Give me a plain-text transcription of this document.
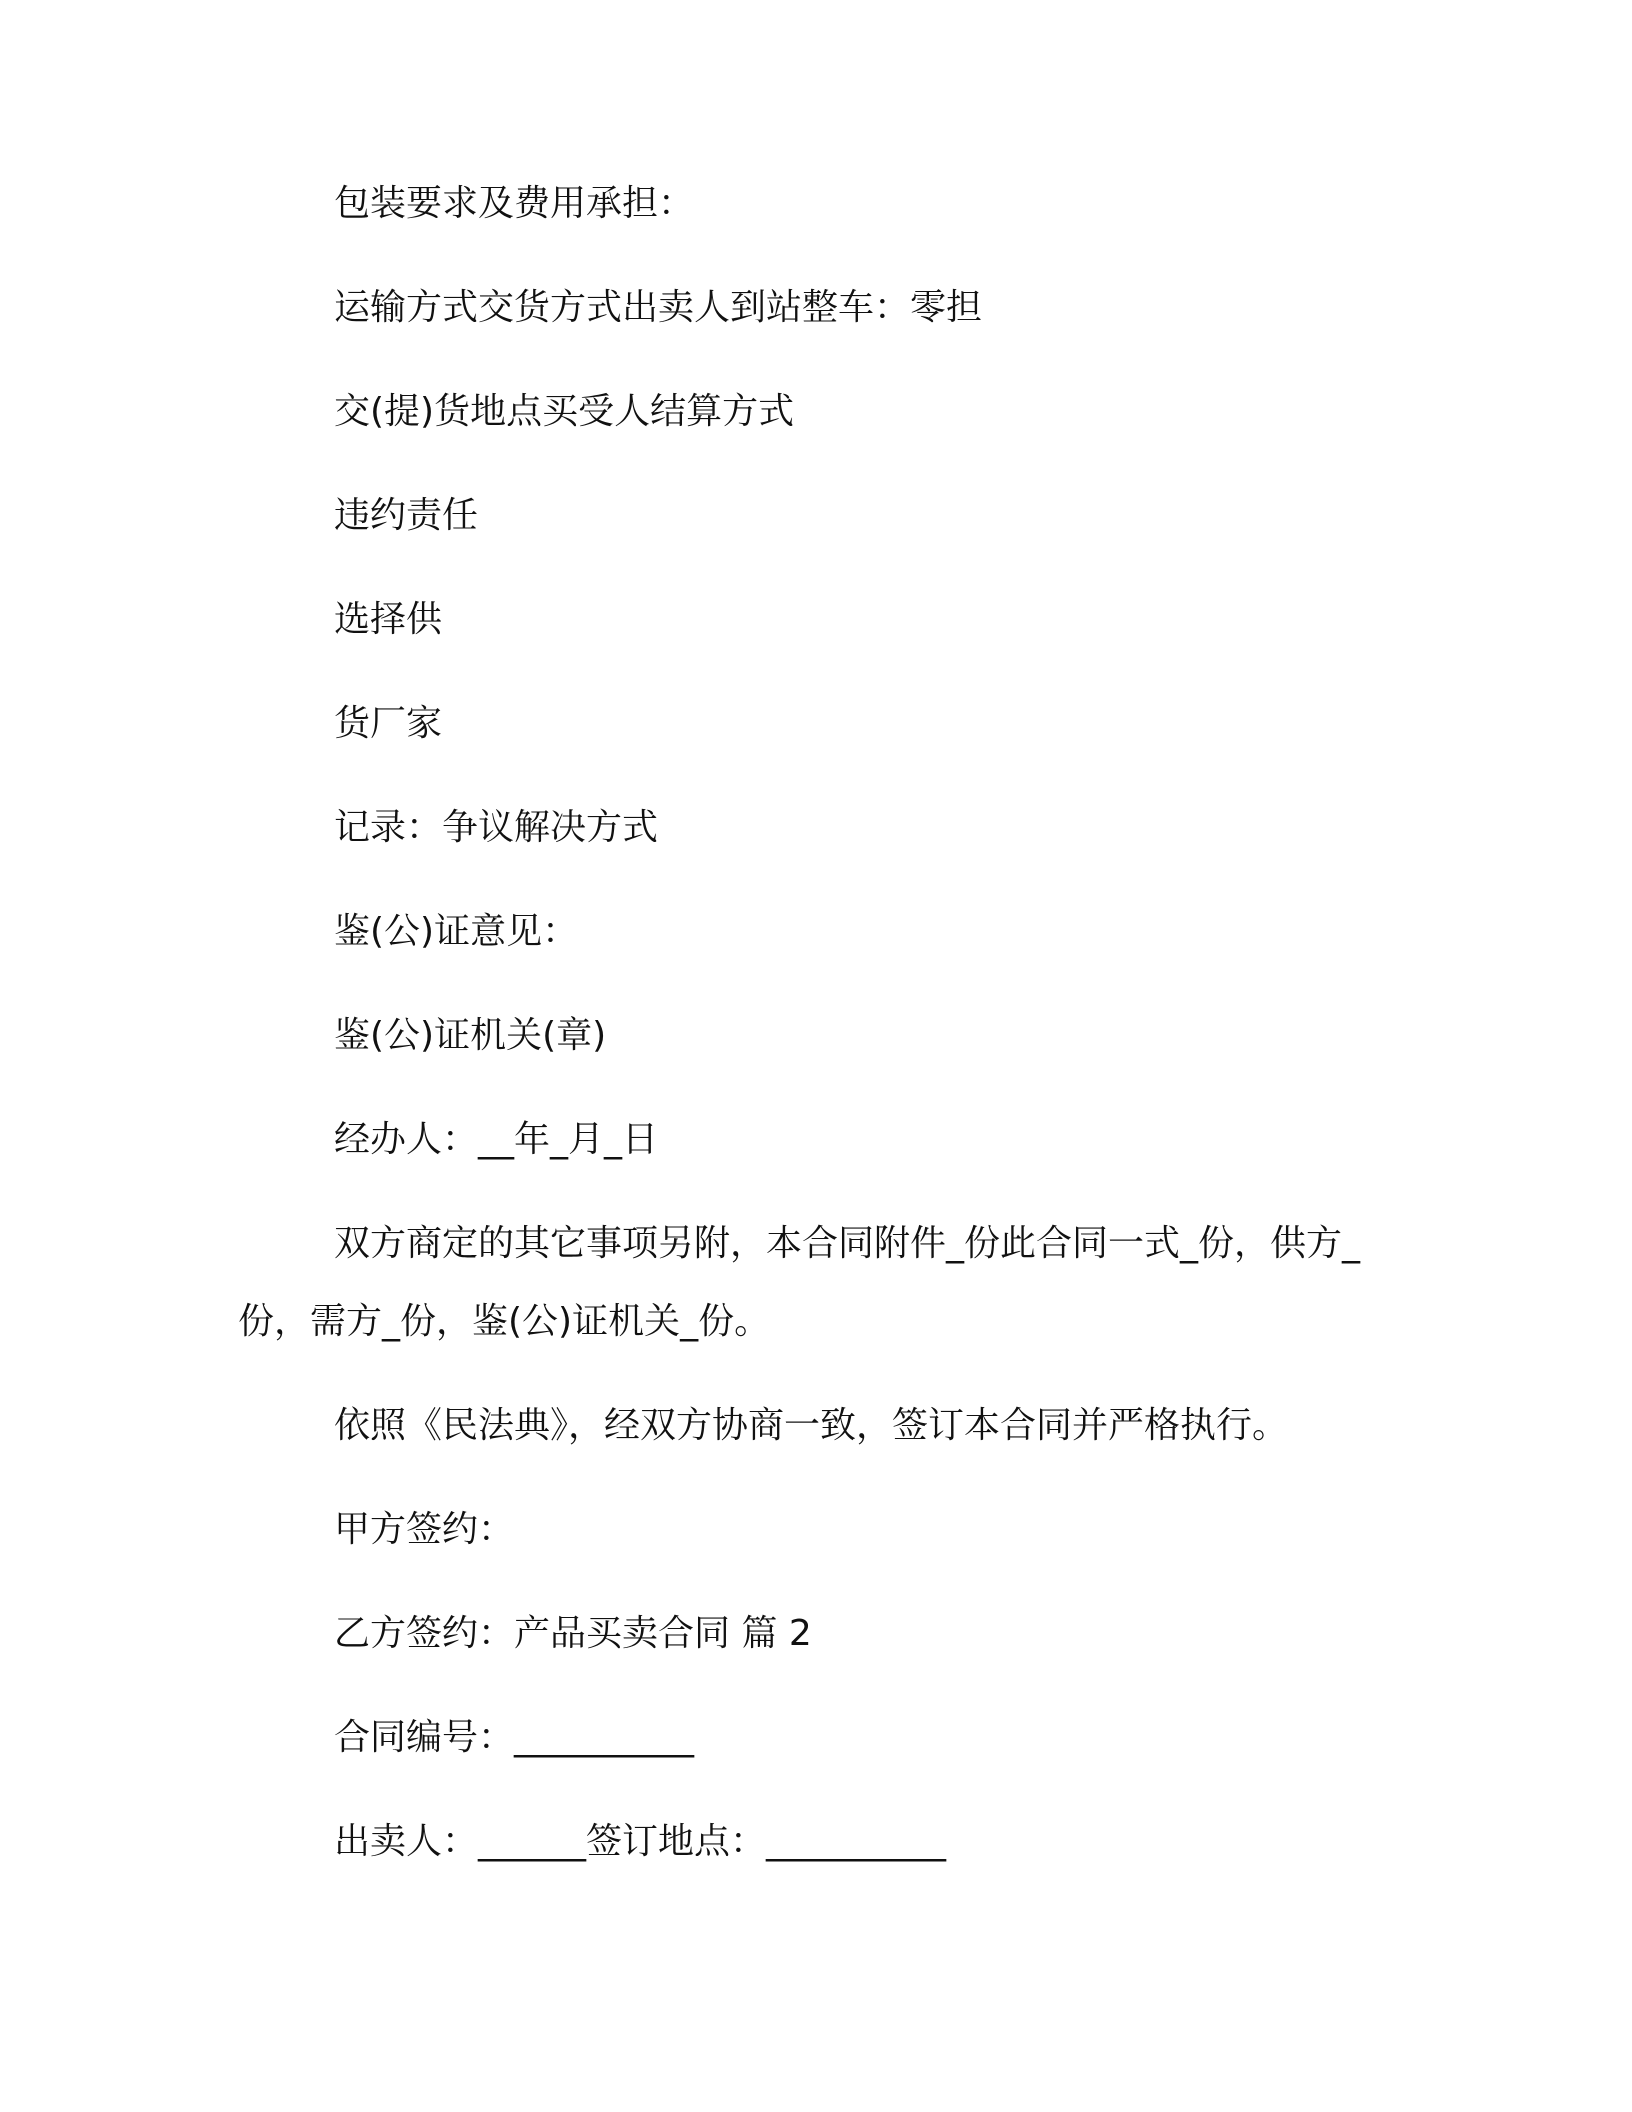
包装要求及费用承担：

运输方式交货方式出卖人到站整车：零担

交(提)货地点买受人结算方式

违约责任

选择供

货厂家

记录：争议解决方式

鉴(公)证意见：

鉴(公)证机关(章)

经办人：__年_月_日

双方商定的其它事项另附，本合同附件_份此合同一式_份，供方_份，需方_份，鉴(公)证机关_份。

依照《民法典》，经双方协商一致，签订本合同并严格执行。

甲方签约：

乙方签约：产品买卖合同 篇 2

合同编号：__________

出卖人：______签订地点：__________
